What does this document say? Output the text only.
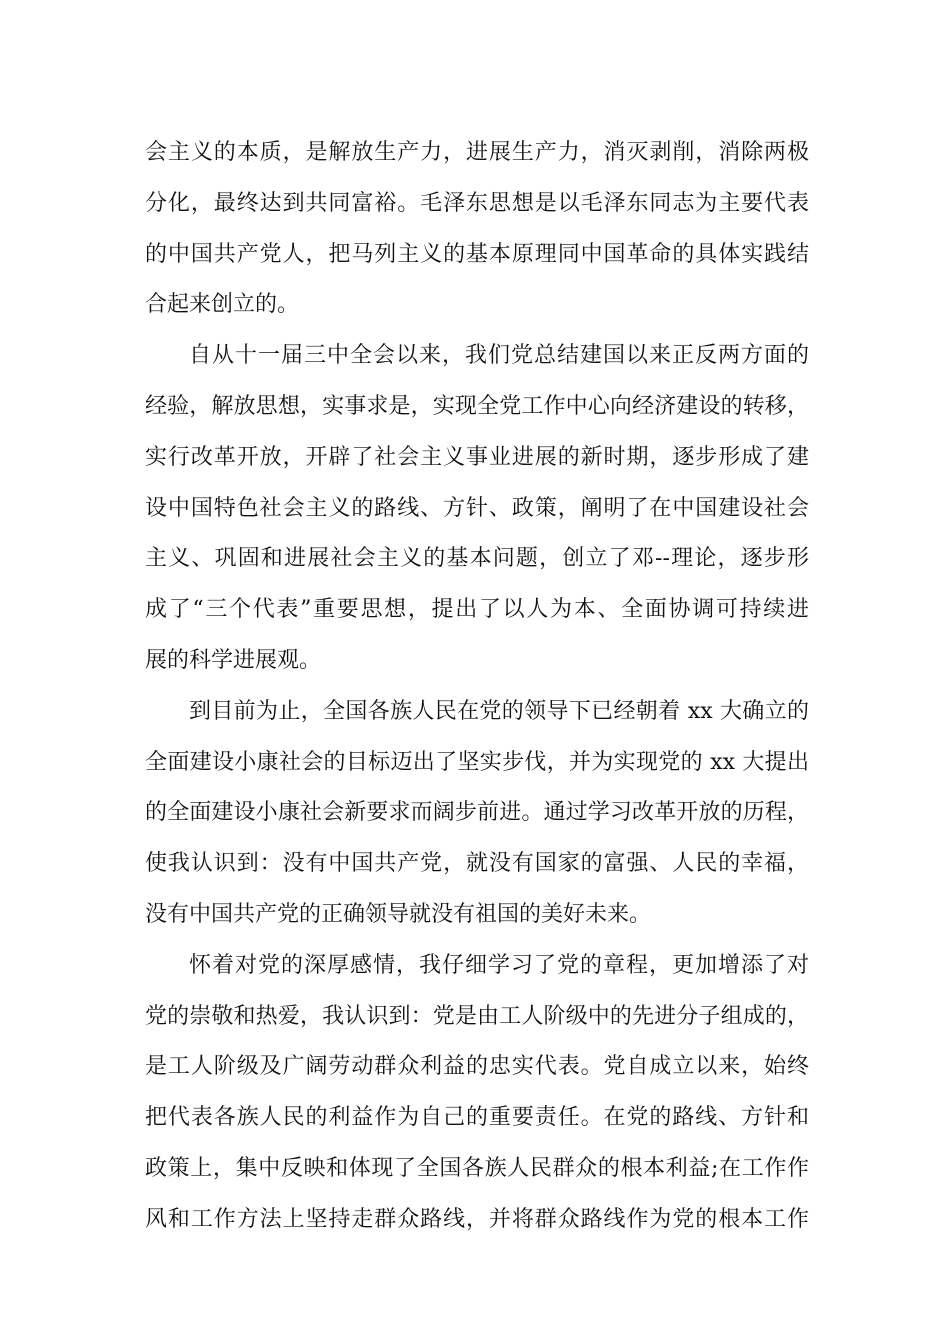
会主义的本质，是解放生产力，进展生产力，消灭剥削，消除两极
分化，最终达到共同富裕。毛泽东思想是以毛泽东同志为主要代表
的中国共产党人，把马列主义的基本原理同中国革命的具体实践结
合起来创立的。
自从十一届三中全会以来，我们党总结建国以来正反两方面的
经验，解放思想，实事求是，实现全党工作中心向经济建设的转移，
实行改革开放，开辟了社会主义事业进展的新时期，逐步形成了建
设中国特色社会主义的路线、方针、政策，阐明了在中国建设社会
主义、巩固和进展社会主义的基本问题，创立了邓--理论，逐步形
成了“三个代表”重要思想，提出了以人为本、全面协调可持续进
展的科学进展观。
到目前为止，全国各族人民在党的领导下已经朝着 xx 大确立的
全面建设小康社会的目标迈出了坚实步伐，并为实现党的 xx 大提出
的全面建设小康社会新要求而阔步前进。通过学习改革开放的历程，
使我认识到：没有中国共产党，就没有国家的富强、人民的幸福，
没有中国共产党的正确领导就没有祖国的美好未来。
怀着对党的深厚感情，我仔细学习了党的章程，更加增添了对
党的崇敬和热爱，我认识到：党是由工人阶级中的先进分子组成的，
是工人阶级及广阔劳动群众利益的忠实代表。党自成立以来，始终
把代表各族人民的利益作为自己的重要责任。在党的路线、方针和
政策上，集中反映和体现了全国各族人民群众的根本利益;在工作作
风和工作方法上坚持走群众路线，并将群众路线作为党的根本工作
